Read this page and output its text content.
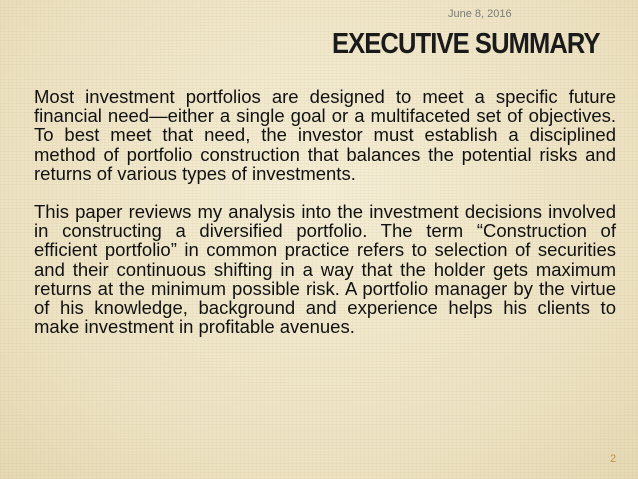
June 8, 2016
EXECUTIVE SUMMARY

Most investment portfolios are designed to meet a specific future financial need—either a single goal or a multifaceted set of objectives. To best meet that need, the investor must establish a disciplined method of portfolio construction that balances the potential risks and returns of various types of investments.

This paper reviews my analysis into the investment decisions involved in constructing a diversified portfolio. The term “Construction of efficient portfolio” in common practice refers to selection of securities and their continuous shifting in a way that the holder gets maximum returns at the minimum possible risk. A portfolio manager by the virtue of his knowledge, background and experience helps his clients to make investment in profitable avenues.

2
